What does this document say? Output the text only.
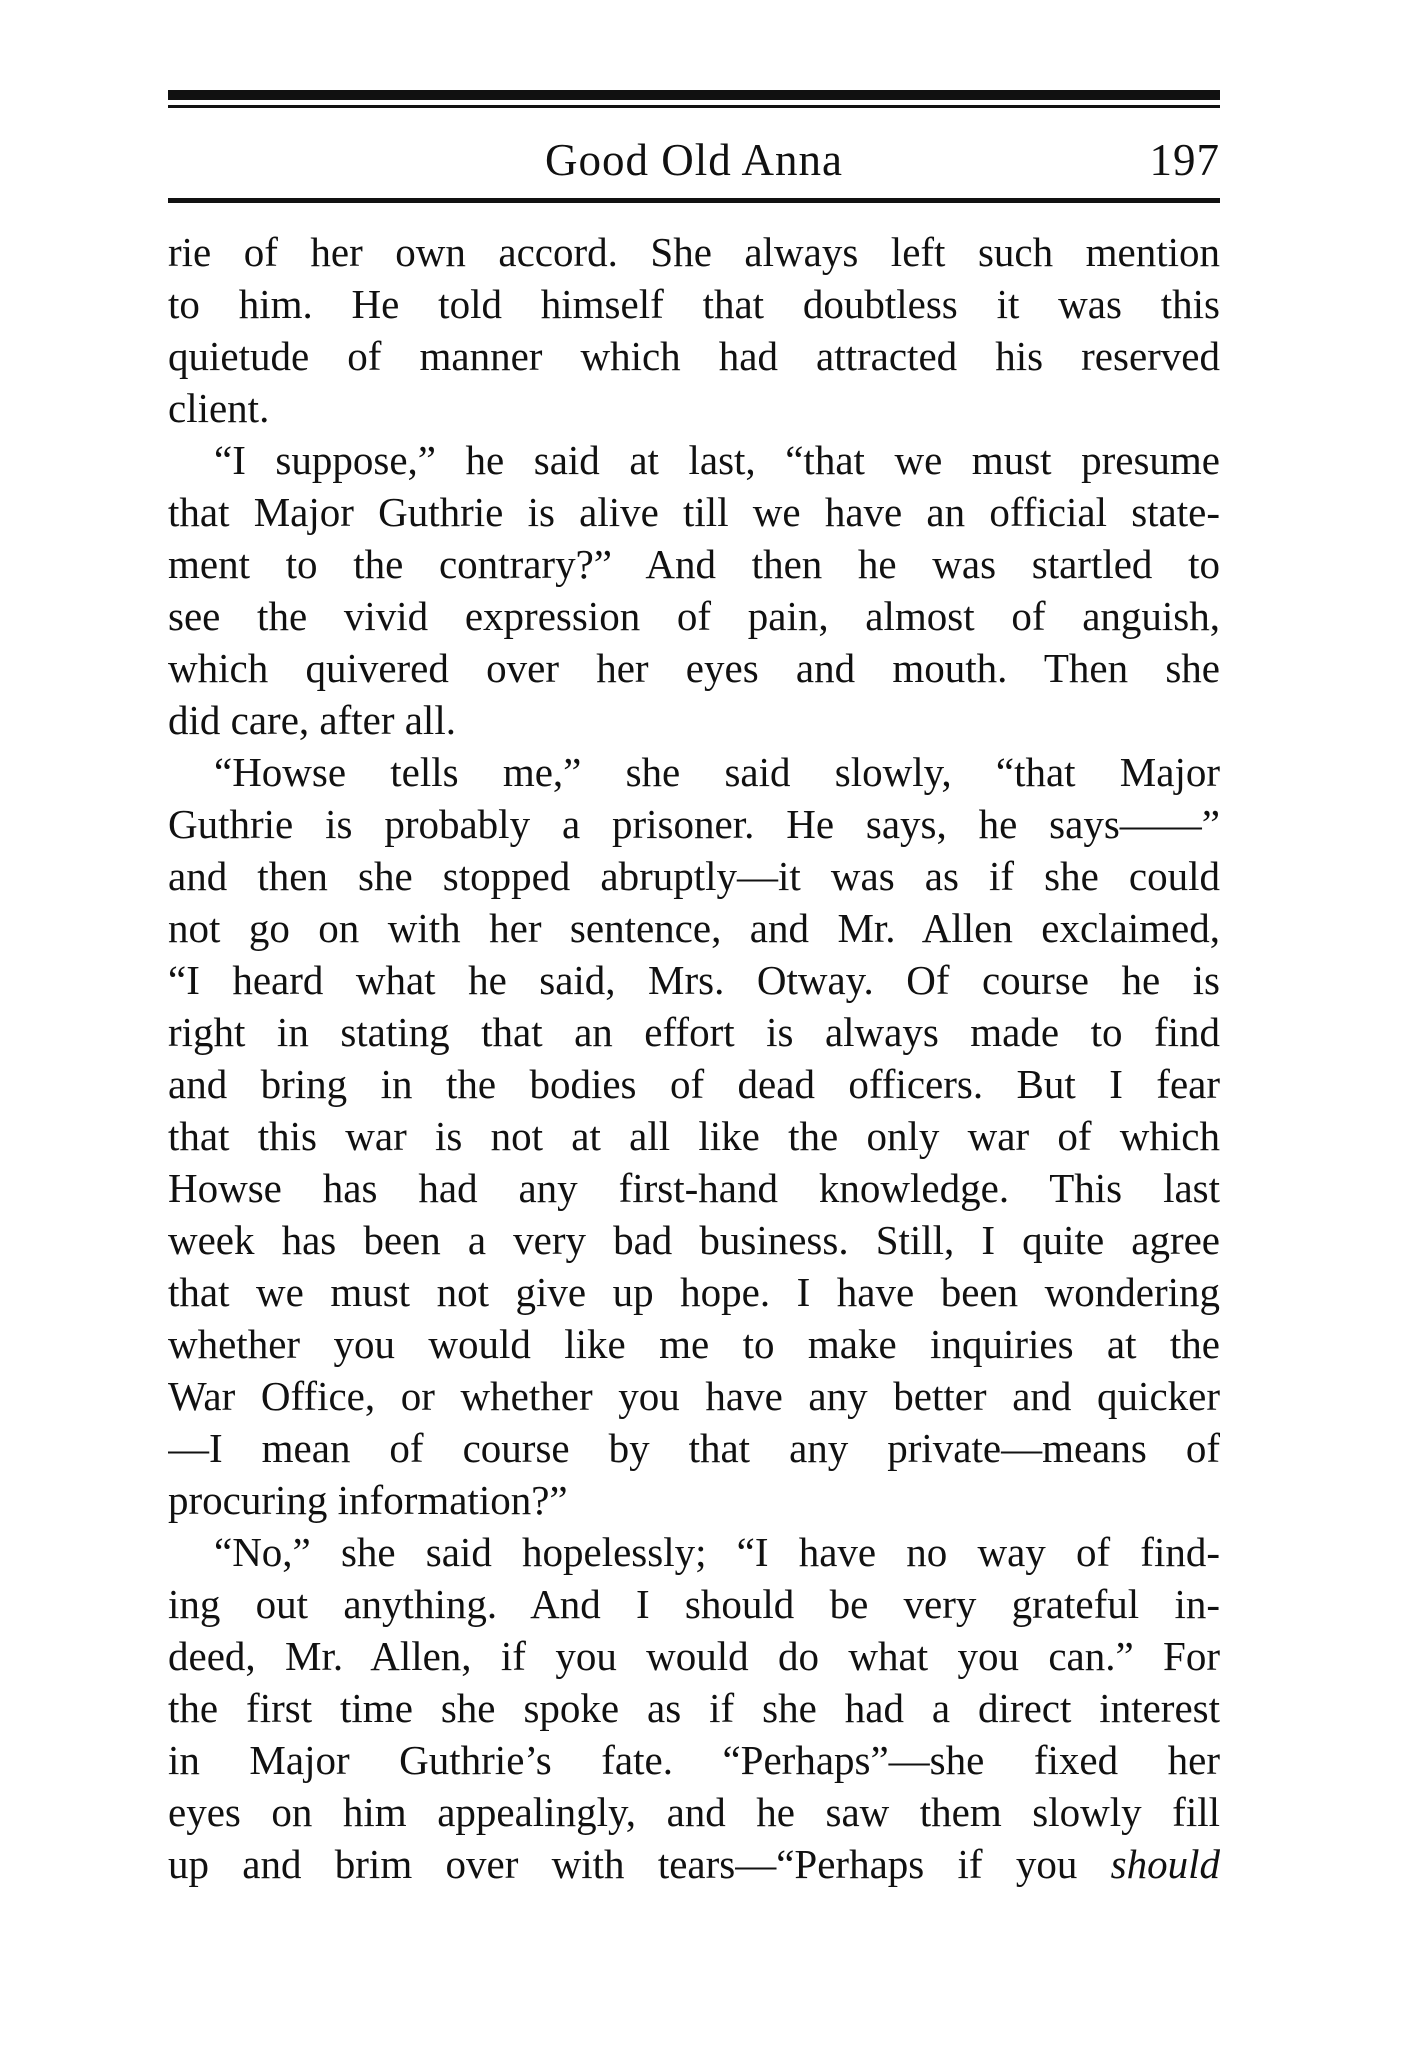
Good Old Anna	197
rie of her own accord. She always left such mention
to him. He told himself that doubtless it was this
quietude of manner which had attracted his reserved
client.
“I suppose,” he said at last, “that we must presume
that Major Guthrie is alive till we have an official state-
ment to the contrary?” And then he was startled to
see the vivid expression of pain, almost of anguish,
which quivered over her eyes and mouth. Then she
did care, after all.
“Howse tells me,” she said slowly, “that Major
Guthrie is probably a prisoner. He says, he says——”
and then she stopped abruptly—it was as if she could
not go on with her sentence, and Mr. Allen exclaimed,
“I heard what he said, Mrs. Otway. Of course he is
right in stating that an effort is always made to find
and bring in the bodies of dead officers. But I fear
that this war is not at all like the only war of which
Howse has had any first-hand knowledge. This last
week has been a very bad business. Still, I quite agree
that we must not give up hope. I have been wondering
whether you would like me to make inquiries at the
War Office, or whether you have any better and quicker
—I mean of course by that any private—means of
procuring information?”
“No,” she said hopelessly; “I have no way of find-
ing out anything. And I should be very grateful in-
deed, Mr. Allen, if you would do what you can.” For
the first time she spoke as if she had a direct interest
in Major Guthrie’s fate. “Perhaps”—she fixed her
eyes on him appealingly, and he saw them slowly fill
up and brim over with tears—“Perhaps if you should
